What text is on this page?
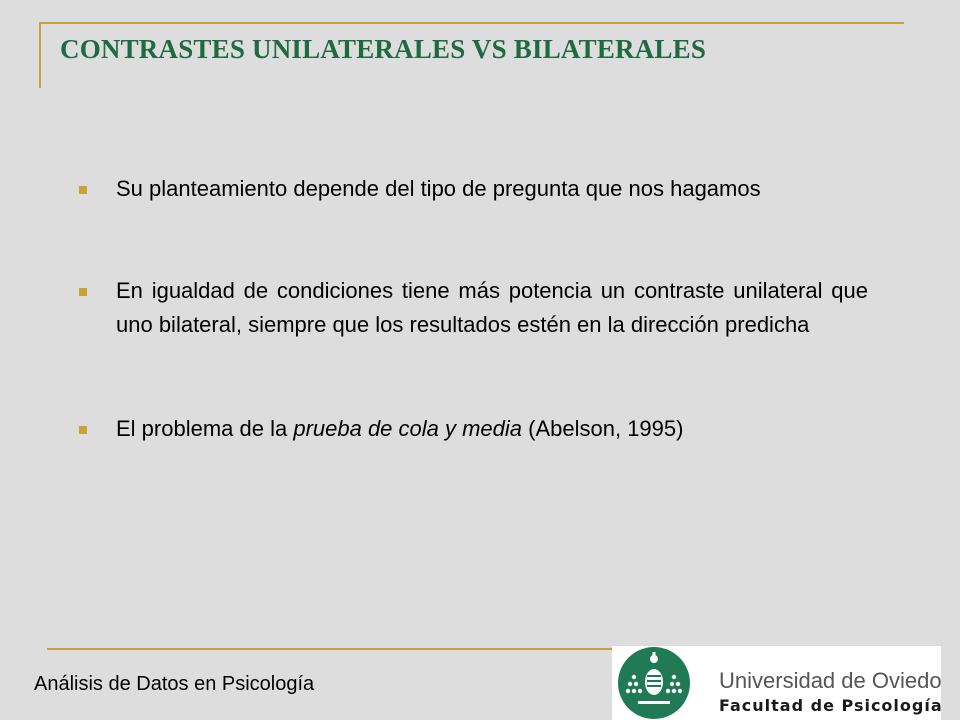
CONTRASTES UNILATERALES VS BILATERALES
Su planteamiento depende del tipo de pregunta que nos hagamos
En igualdad de condiciones tiene más potencia un contraste unilateral que uno bilateral, siempre que los resultados estén en la dirección predicha
El problema de la prueba de cola y media (Abelson, 1995)
Análisis de Datos en Psicología	Universidad de Oviedo
Facultad de Psicología
